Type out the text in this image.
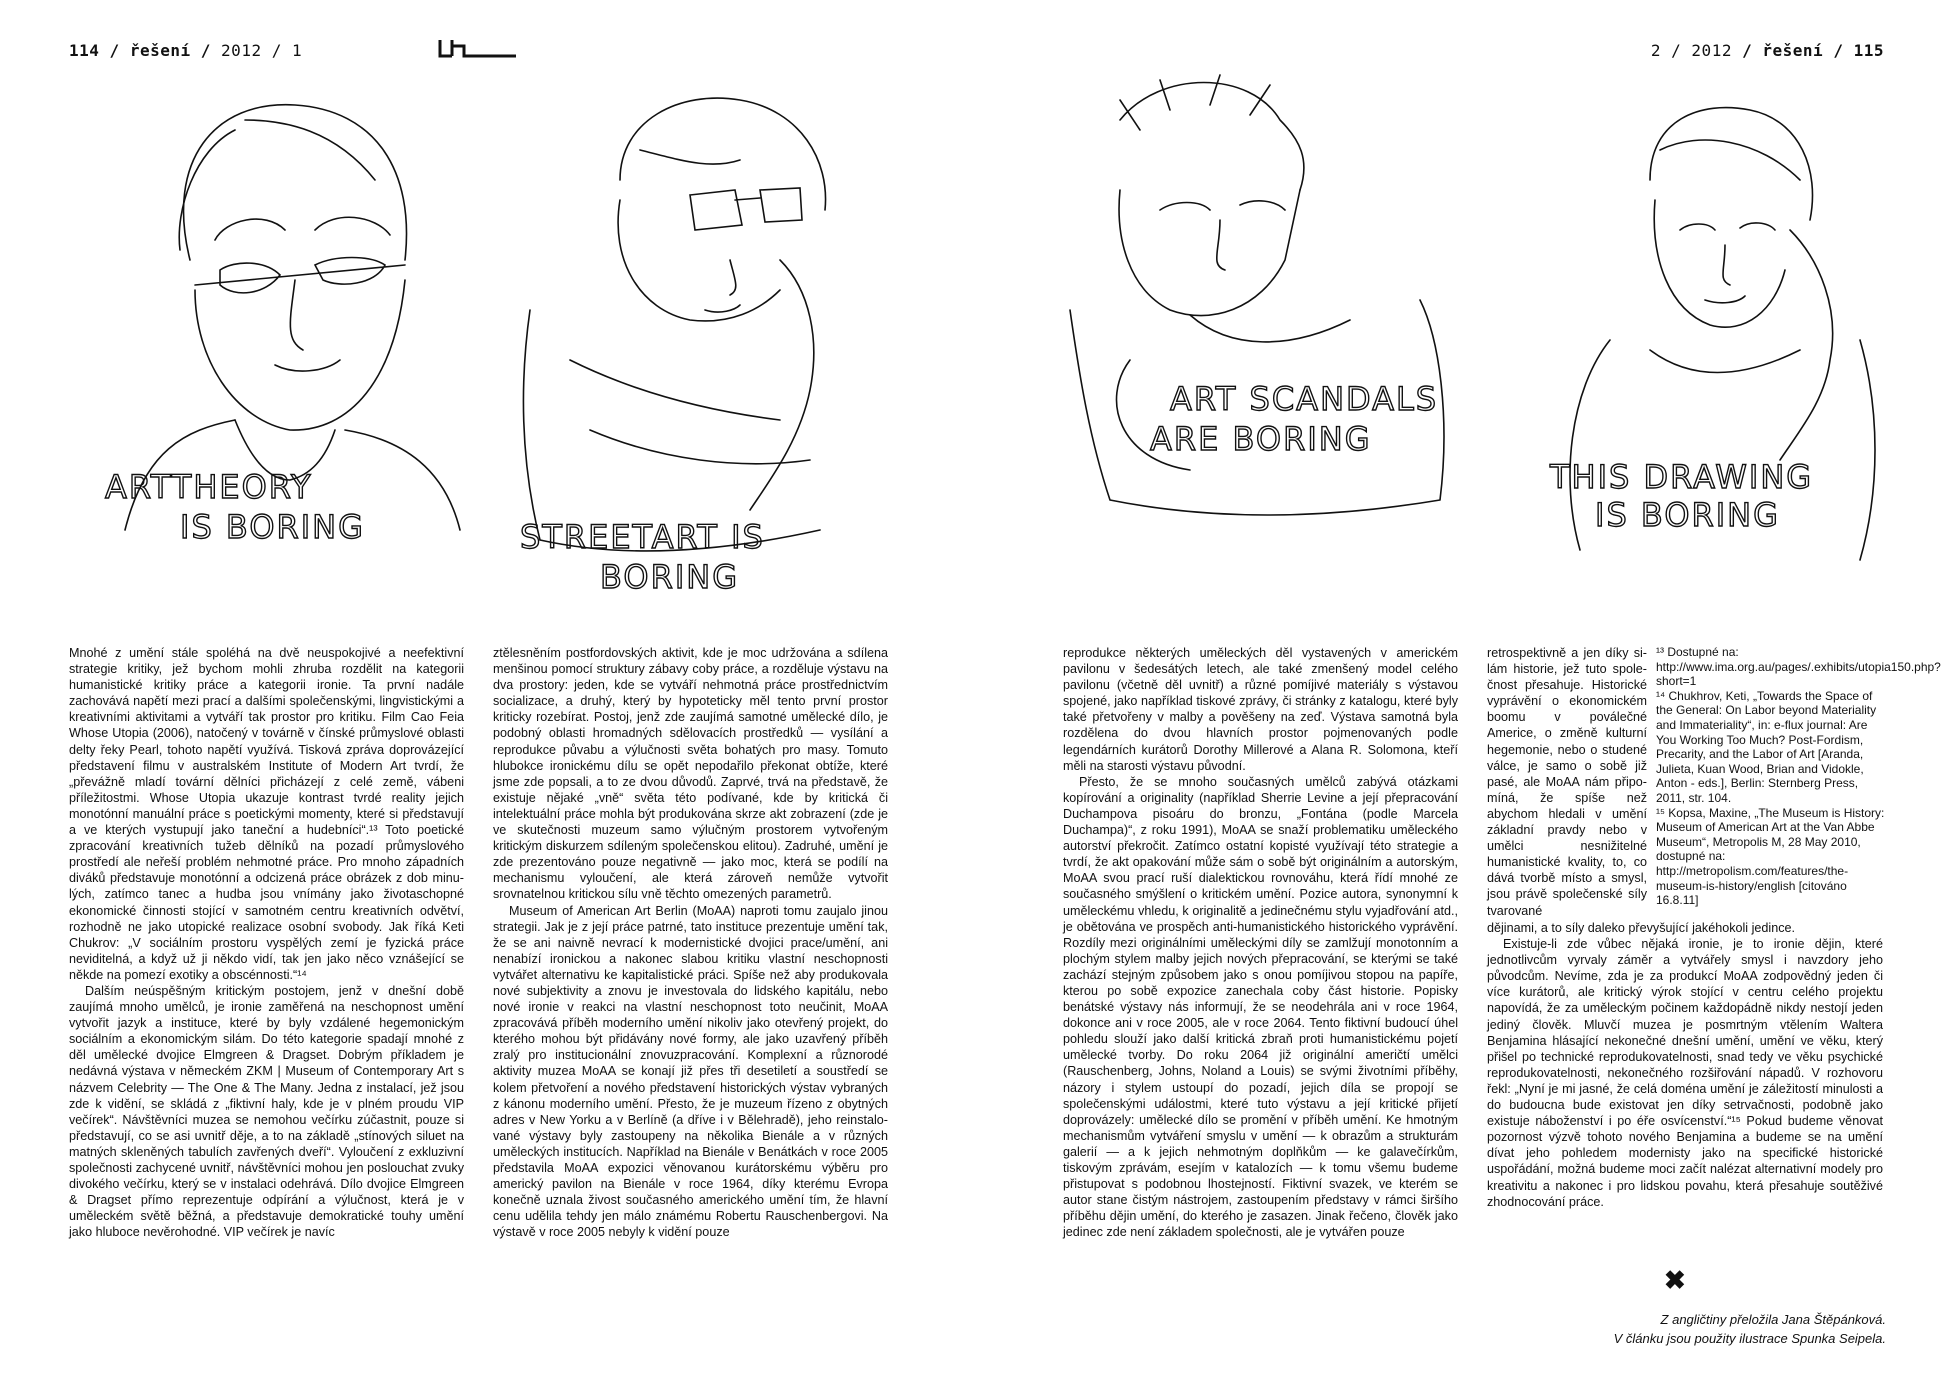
114 / řešení / 2012 / 1	2 / 2012 / řešení / 115
ARTTHEORY
IS BORING	STREETART IS
BORING
ART SCANDALS
ARE BORING
THIS DRAWING
IS BORING

Mnohé z umění stále spoléhá na dvě neuspokojivé a neefektivní strategie kritiky, jež bychom mohli zhruba rozdělit na kategorii humanistické kritiky práce a kategorii ironie. Ta první nadále zachovává napětí mezi prací a dalšími společenskými, lingvistickými a kreativními aktivitami a vytváří tak prostor pro kritiku. Film Cao Feia Whose Utopia (2006), natočený v továrně v čínské průmyslové oblasti delty řeky Pearl, tohoto napětí využívá. Tisková zpráva doprovázející představení filmu v australském Institute of Modern Art tvrdí, že „převážně mladí tovární dělníci přicházejí z celé země, vábeni příležitostmi. Whose Utopia ukazuje kontrast tvrdé reality jejich monotónní manuální práce s poetickými momenty, které si představují a ve kterých vystupují jako taneční a hudebníci“.¹³ Toto poetické zpracování kreativních tužeb dělníků na pozadí průmyslového prostředí ale neřeší problém nehmotné práce. Pro mnoho západních diváků představuje monotónní a odcizená práce obrázek z dob minulých, zatímco tanec a hudba jsou vnímány jako životaschopné ekonomické činnosti stojící v samotném centru kreativních odvětví, rozhodně ne jako utopické realizace osobní svobody. Jak říká Keti Chukrov: „V sociálním prostoru vyspělých zemí je fyzická práce neviditelná, a když už ji někdo vidí, tak jen jako něco vznášející se někde na pomezí exotiky a obscénnosti.“¹⁴

Dalším neúspěšným kritickým postojem, jenž v dnešní době zaujímá mnoho umělců, je ironie zaměřená na neschopnost umění vytvořit jazyk a instituce, které by byly vzdálené hegemonickým sociálním a ekonomickým silám. Do této kategorie spadají mnohé z děl umělecké dvojice Elmgreen & Dragset. Dobrým příkladem je nedávná výstava v německém ZKM | Museum of Contemporary Art s názvem Celebrity — The One & The Many. Jedna z instalací, jež jsou zde k vidění, se skládá z „fiktivní haly, kde je v plném proudu VIP večírek“. Návštěvníci muzea se nemohou večírku zúčastnit, pouze si představují, co se asi uvnitř děje, a to na základě „stínových siluet na matných skleněných tabulích zavřených dveří“. Vyloučení z exkluzivní společnosti zachycené uvnitř, návštěvníci mohou jen poslouchat zvuky divokého večírku, který se v instalaci odehrává. Dílo dvojice Elmgreen & Dragset přímo reprezentuje odpírání a výlučnost, která je v uměleckém světě běžná, a představuje demokratické touhy umění jako hluboce nevěrohodné. VIP večírek je navíc

ztělesněním postfordovských aktivit, kde je moc udržována a sdílena menšinou pomocí struktury zábavy coby práce, a rozděluje výstavu na dva prostory: jeden, kde se vytváří nehmotná práce prostřednictvím socializace, a druhý, který by hypoteticky měl tento první prostor kriticky rozebírat. Postoj, jenž zde zaujímá samotné umělecké dílo, je podobný oblasti hromadných sdělovacích prostředků — vysílání a reprodukce půvabu a výlučnosti světa bohatých pro masy. Tomuto hlubokce ironickému dílu se opět nepodařilo překonat obtíže, které jsme zde popsali, a to ze dvou důvodů. Zaprvé, trvá na představě, že existuje nějaké „vně“ světa této podívané, kde by kritická či intelektuální práce mohla být produkována skrze akt zobrazení (zde je ve skutečnosti muzeum samo výlučným prostorem vytvořeným kritickým diskurzem sdíleným společenskou elitou). Zadruhé, umění je zde prezentováno pouze negativně — jako moc, která se podílí na mechanismu vyloučení, ale která zároveň nemůže vytvořit srovnatelnou kritickou sílu vně těchto omezených parametrů.

Museum of American Art Berlin (MoAA) naproti tomu zaujalo jinou strategii. Jak je z její práce patrné, tato instituce prezentuje umění tak, že se ani naivně nevrací k modernistické dvojici prace/umění, ani nenabízí ironickou a nakonec slabou kritiku vlastní neschopnosti vytvářet alternativu ke kapitalistické práci. Spíše než aby produkovala nové subjektivity a znovu je investovala do lidského kapitálu, nebo nové ironie v reakci na vlastní neschopnost toto neučinit, MoAA zpracovává příběh moderního umění nikoliv jako otevřený projekt, do kterého mohou být přidávány nové formy, ale jako uzavřený příběh zralý pro institucionální znovuzpracování. Komplexní a různorodé aktivity muzea MoAA se konají již přes tři desetiletí a soustředí se kolem přetvoření a nového představení historických výstav vybraných z kánonu moderního umění. Přesto, že je muzeum řízeno z obytných adres v New Yorku a v Berlíně (a dříve i v Bělehradě), jeho reinstalované výstavy byly zastoupeny na několika Bienále a v různých uměleckých institucích. Například na Bienále v Benátkách v roce 2005 představila MoAA expozici věnovanou kurátorskému výběru pro americký pavilon na Bienále v roce 1964, díky kterému Evropa konečně uznala živost současného amerického umění tím, že hlavní cenu udělila tehdy jen málo známému Robertu Rauschenbergovi. Na výstavě v roce 2005 nebyly k vidění pouze

reprodukce některých uměleckých děl vystavených v americkém pavilonu v šedesátých letech, ale také zmenšený model celého pavilonu (včetně děl uvnitř) a různé pomíjivé materiály s výstavou spojené, jako například tiskové zprávy, či stránky z katalogu, které byly také přetvořeny v malby a pověšeny na zeď. Výstava samotná byla rozdělena do dvou hlavních prostor pojmenovaných podle legendárních kurátorů Dorothy Millerové a Alana R. Solomona, kteří měli na starosti výstavu původní.

Přesto, že se mnoho současných umělců zabývá otázkami kopírování a originality (například Sherrie Levine a její přepracování Duchampova pisoáru do bronzu, „Fontána (podle Marcela Duchampa)“, z roku 1991), MoAA se snaží problematiku uměleckého autorství překročit. Zatímco ostatní kopisté využívají této strategie a tvrdí, že akt opakování může sám o sobě být originálním a autorským, MoAA svou prací ruší dialektickou rovnováhu, která řídí mnohé ze současného smýšlení o kritickém umění. Pozice autora, synonymní k uměleckému vhledu, k originalitě a jedinečnému stylu vyjadřování atd., je obětována ve prospěch anti-humanistického historického vyprávění. Rozdíly mezi originálními uměleckými díly se zamlžují monotonním a plochým stylem malby jejich nových přepracování, se kterými se také zachází stejným způsobem jako s onou pomíjivou stopou na papíře, kterou po sobě expozice zanechala coby část historie. Popisky benátské výstavy nás informují, že se neodehrála ani v roce 1964, dokonce ani v roce 2005, ale v roce 2064. Tento fiktivní budoucí úhel pohledu slouží jako další kritická zbraň proti humanistickému pojetí umělecké tvorby. Do roku 2064 již originální američtí umělci (Rauschenberg, Johns, Noland a Louis) se svými životními příběhy, názory i stylem ustoupí do pozadí, jejich díla se propojí se společenskými událostmi, které tuto výstavu a její kritické přijetí doprovázely: umělecké dílo se promění v příběh umění. Ke hmotným mechanismům vytváření smyslu v umění — k obrazům a strukturám galerií — a k jejich nehmotným doplňkům — ke galavečírkům, tiskovým zprávám, esejím v katalozích — k tomu všemu budeme přistupovat s podobnou lhostejností. Fiktivní svazek, ve kterém se autor stane čistým nástrojem, zastoupením představy v rámci širšího příběhu dějin umění, do kterého je zasazen. Jinak řečeno, člověk jako jedinec zde není základem společnosti, ale je vytvářen pouze

retrospektivně a jen díky silám historie, jež tuto společnost přesahuje. Historické vyprávění o ekonomickém boomu v poválečné Americe, o změně kulturní hegemonie, nebo o studené válce, je samo o sobě již pasé, ale MoAA nám připomíná, že spíše než abychom hledali v umění základní pravdy nebo v umělci nesnižitelné humanistické kvality, to, co dává tvorbě místo a smysl, jsou právě společenské síly tvarované

dějinami, a to síly daleko převyšující jakéhokoli jedince.

Existuje-li zde vůbec nějaká ironie, je to ironie dějin, které jednotlivcům vyrvaly záměr a vytvářely smysl i navzdory jeho původcům. Nevíme, zda je za produkcí MoAA zodpovědný jeden či více kurátorů, ale kritický výrok stojící v centru celého projektu napovídá, že za uměleckým počinem každopádně nikdy nestojí jeden jediný člověk. Mluvčí muzea je posmrtným vtělením Waltera Benjamina hlásající nekonečné dnešní umění, umění ve věku, který přišel po technické reprodukovatelnosti, snad tedy ve věku psychické reprodukovatelnosti, nekonečného rozšiřování nápadů. V rozhovoru řekl: „Nyní je mi jasné, že celá doména umění je záležitostí minulosti a do budoucna bude existovat jen díky setrvačnosti, podobně jako existuje náboženství i po éře osvícenství.“¹⁵ Pokud budeme věnovat pozornost výzvě tohoto nového Benjamina a budeme se na umění dívat jeho pohledem modernisty jako na specifické historické uspořádání, možná budeme moci začít nalézat alternativní modely pro kreativitu a nakonec i pro lidskou povahu, která přesahuje soutěživé zhodnocování práce.

¹³ Dostupné na: http://www.ima.org.au/pages/.exhibits/utopia150.php?short=1

¹⁴ Chukhrov, Keti, „Towards the Space of the General: On Labor beyond Materiality and Immateriality“, in: e-flux journal: Are You Working Too Much? Post-Fordism, Precarity, and the Labor of Art [Aranda, Julieta, Kuan Wood, Brian and Vidokle, Anton - eds.], Berlin: Sternberg Press, 2011, str. 104.

¹⁵ Kopsa, Maxine, „The Museum is History: Museum of American Art at the Van Abbe Museum“, Metropolis M, 28 May 2010, dostupné na: http://metropolism.com/features/the-museum-is-history/english [citováno 16.8.11]

✖
Z angličtiny přeložila Jana Štěpánková.
V článku jsou použity ilustrace Spunka Seipela.
